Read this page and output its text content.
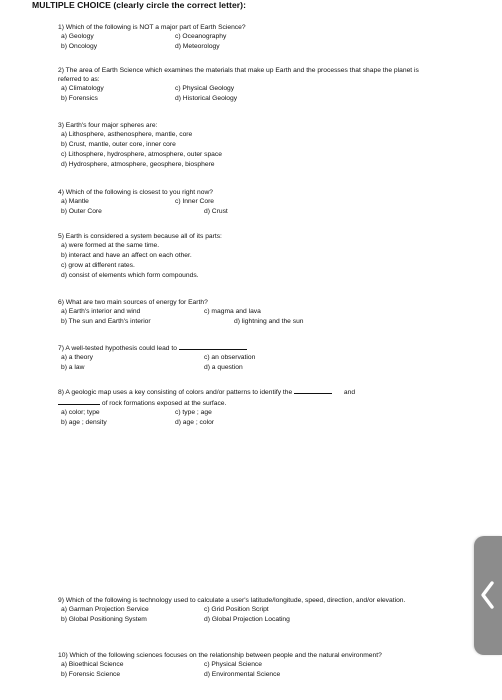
MULTIPLE CHOICE (clearly circle the correct letter):
1) Which of the following is NOT a major part of Earth Science?
a) Geology	c) Oceanography
b) Oncology	d) Meteorology
2) The area of Earth Science which examines the materials that make up Earth and the processes that shape the planet is referred to as:
a) Climatology	c) Physical Geology
b) Forensics	d) Historical Geology
3) Earth's four major spheres are:
a) Lithosphere, asthenosphere, mantle, core
b) Crust, mantle, outer core, inner core
c) Lithosphere, hydrosphere, atmosphere, outer space
d) Hydrosphere, atmosphere, geosphere, biosphere
4) Which of the following is closest to you right now?
a) Mantle	c) Inner Core
b) Outer Core	d) Crust
5) Earth is considered a system because all of its parts:
a) were formed at the same time.
b) interact and have an affect on each other.
c) grow at different rates.
d) consist of elements which form compounds.
6) What are two main sources of energy for Earth?
a) Earth's interior and wind	c) magma and lava
b) The sun and Earth's interior	d) lightning and the sun
7) A well-tested hypothesis could lead to
a) a theory	c) an observation
b) a law	d) a question
8) A geologic map uses a key consisting of colors and/or patterns to identify the	and
of rock formations exposed at the surface.
a) color; type	c) type ; age
b) age ; density	d) age ; color
9) Which of the following is technology used to calculate a user's latitude/longitude, speed, direction, and/or elevation.
a) Garman Projection Service	c) Grid Position Script
b) Global Positioning System	d) Global Projection Locating
10) Which of the following sciences focuses on the relationship between people and the natural environment?
a) Bioethical Science	c) Physical Science
b) Forensic Science	d) Environmental Science
